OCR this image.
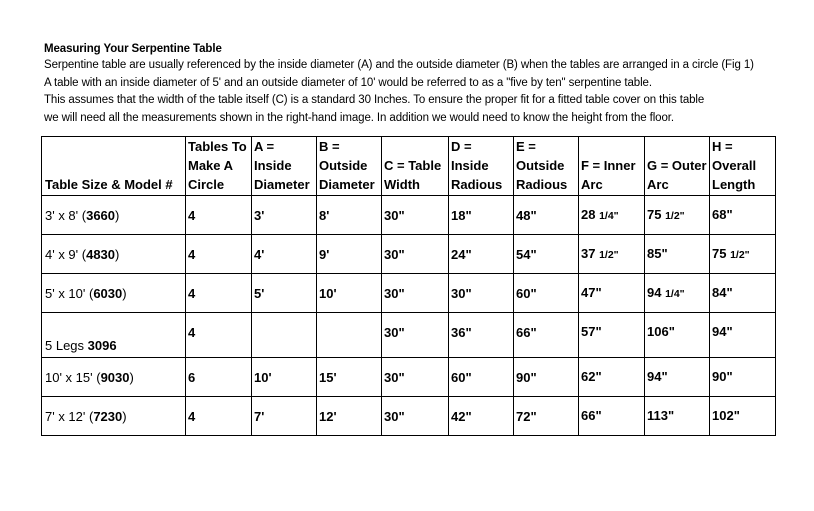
Measuring Your Serpentine Table

Serpentine table are usually referenced by the inside diameter (A) and the outside diameter (B) when the tables are arranged in a circle (Fig 1)

A table with an inside diameter of 5' and an outside diameter of 10' would be referred to as a "five by ten" serpentine table.

This assumes that the width of the table itself (C) is a standard 30 Inches. To ensure the proper fit for a fitted table cover on this table

we will need all the measurements shown in the right-hand image. In addition we would need to know the height from the floor.

Table Size & Model #	Tables To Make A Circle	A = Inside Diameter	B = Outside Diameter	C = Table Width	D = Inside Radious	E = Outside Radious	F = Inner Arc	G = Outer Arc	H = Overall Length
3' x 8' (3660)	4	3'	8'	30"	18"	48"	28 1/4"	75 1/2"	68"
4' x 9' (4830)	4	4'	9'	30"	24"	54"	37 1/2"	85"	75 1/2"
5' x 10' (6030)	4	5'	10'	30"	30"	60"	47"	94 1/4"	84"
5 Legs 3096	4			30"	36"	66"	57"	106"	94"
10' x 15' (9030)	6	10'	15'	30"	60"	90"	62"	94"	90"
7' x 12' (7230)	4	7'	12'	30"	42"	72"	66"	113"	102"
